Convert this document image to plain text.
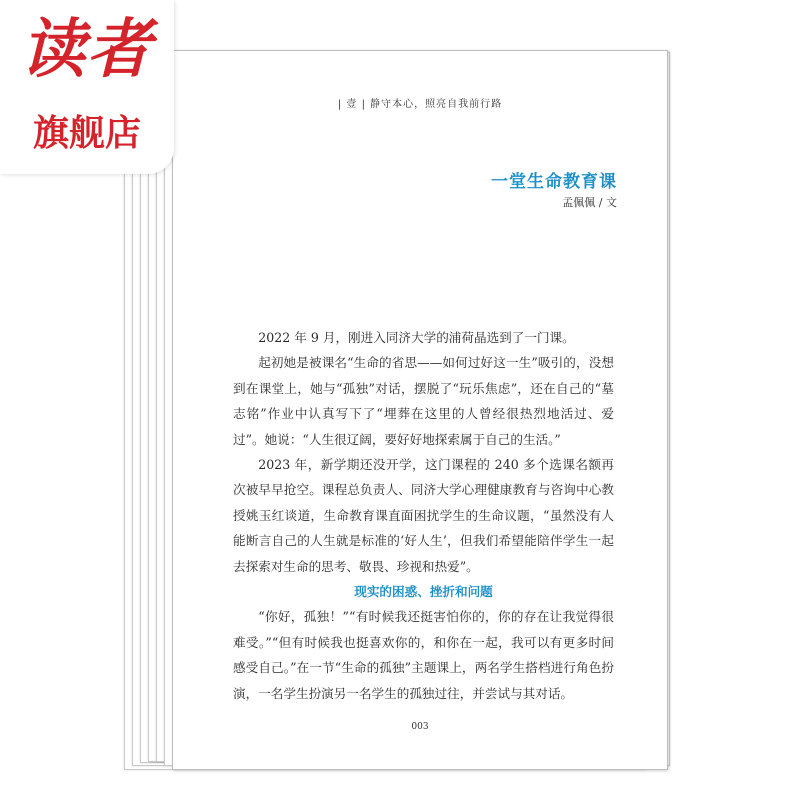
| 壹 | 静守本心，照亮自我前行路
一堂生命教育课
孟佩佩 / 文

2022 年 9 月，刚进入同济大学的浦荷晶选到了一门课。

起初她是被课名“生命的省思——如何过好这一生”吸引的，没想到在课堂上，她与“孤独”对话，摆脱了“玩乐焦虑”，还在自己的“墓志铭”作业中认真写下了“埋葬在这里的人曾经很热烈地活过、爱过”。她说：“人生很辽阔，要好好地探索属于自己的生活。”

2023 年，新学期还没开学，这门课程的 240 多个选课名额再次被早早抢空。课程总负责人、同济大学心理健康教育与咨询中心教授姚玉红谈道，生命教育课直面困扰学生的生命议题，“虽然没有人能断言自己的人生就是标准的‘好人生’，但我们希望能陪伴学生一起去探索对生命的思考、敬畏、珍视和热爱”。

现实的困惑、挫折和问题

“你好，孤独！”“有时候我还挺害怕你的，你的存在让我觉得很难受。”“但有时候我也挺喜欢你的，和你在一起，我可以有更多时间感受自己。”在一节“生命的孤独”主题课上，两名学生搭档进行角色扮演，一名学生扮演另一名学生的孤独过往，并尝试与其对话。

003
读者
旗舰店
